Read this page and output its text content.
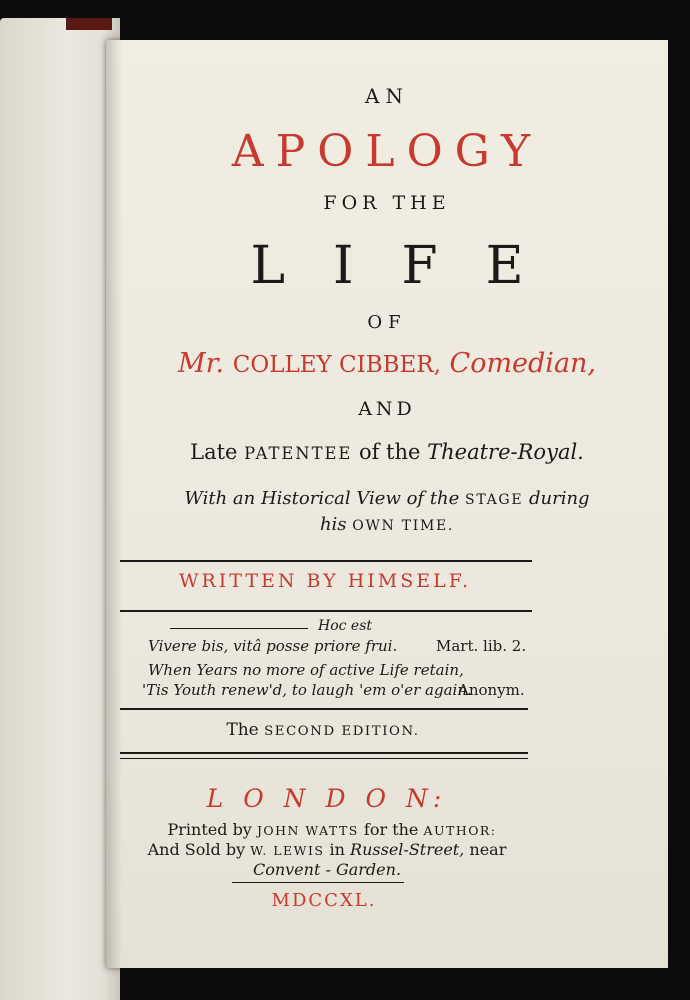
AN
APOLOGY
FOR THE
LIFE
OF
Mr. COLLEY CIBBER, Comedian,
AND
Late PATENTEE of the Theatre-Royal.
With an Historical View of the STAGE during
his OWN TIME.
WRITTEN BY HIMSELF.
Hoc est
Vivere bis, vitâ posse priore frui.	Mart. lib. 2.
When Years no more of active Life retain,
'Tis Youth renew'd, to laugh 'em o'er again.
Anonym.
The SECOND EDITION.
L O N D O N:
Printed by JOHN WATTS for the AUTHOR:
And Sold by W. LEWIS in Russel-Street, near
Convent - Garden.
MDCCXL.
